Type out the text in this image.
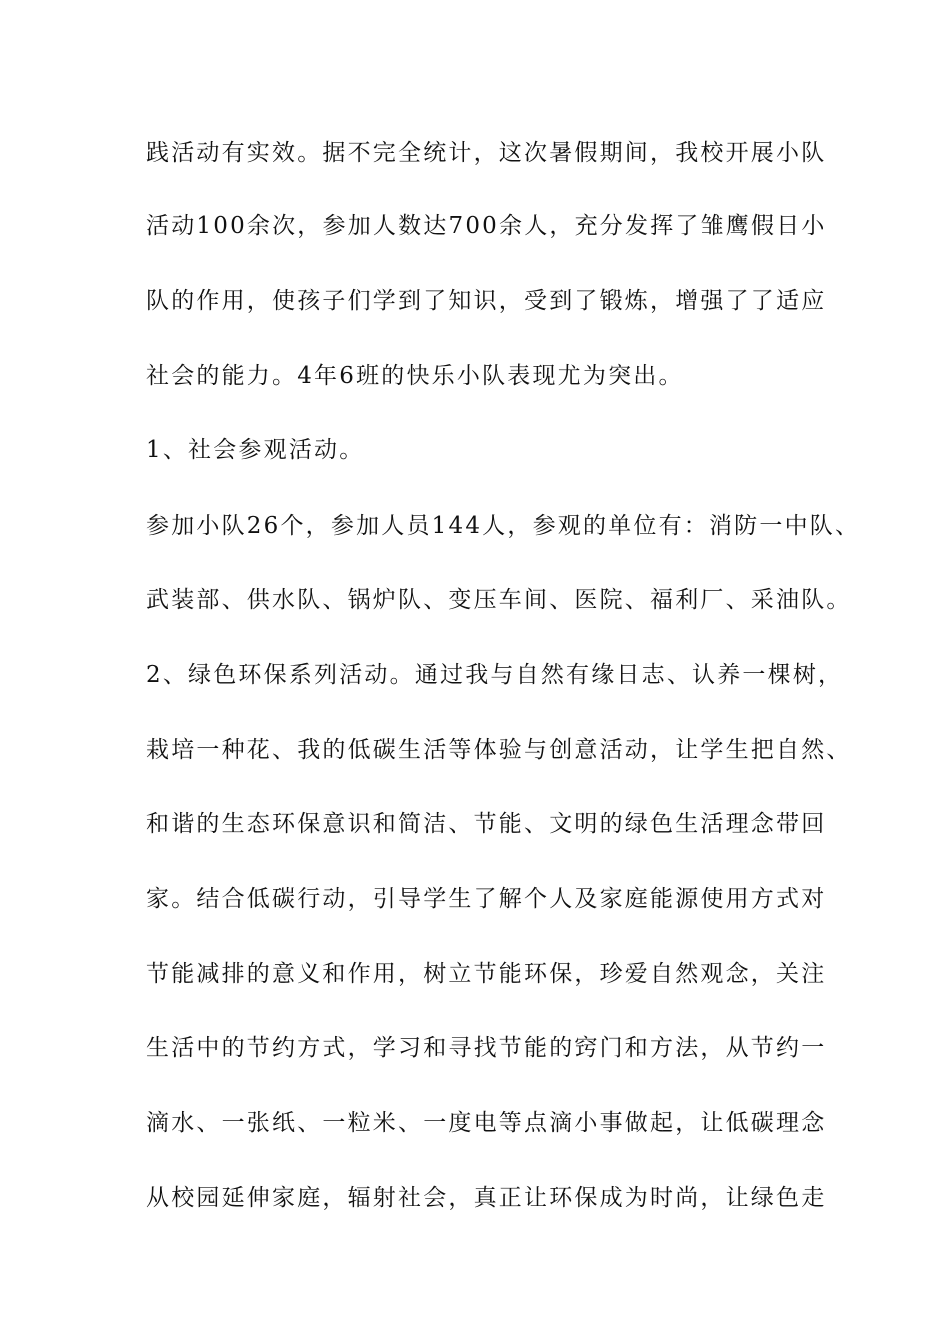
践活动有实效。据不完全统计，这次暑假期间，我校开展小队
活动100余次，参加人数达700余人，充分发挥了雏鹰假日小
队的作用，使孩子们学到了知识，受到了锻炼，增强了了适应
社会的能力。4年6班的快乐小队表现尤为突出。
1、社会参观活动。
参加小队26个，参加人员144人，参观的单位有：消防一中队、
武装部、供水队、锅炉队、变压车间、医院、福利厂、采油队。
2、绿色环保系列活动。通过我与自然有缘日志、认养一棵树，
栽培一种花、我的低碳生活等体验与创意活动，让学生把自然、
和谐的生态环保意识和简洁、节能、文明的绿色生活理念带回
家。结合低碳行动，引导学生了解个人及家庭能源使用方式对
节能减排的意义和作用，树立节能环保，珍爱自然观念，关注
生活中的节约方式，学习和寻找节能的窍门和方法，从节约一
滴水、一张纸、一粒米、一度电等点滴小事做起，让低碳理念
从校园延伸家庭，辐射社会，真正让环保成为时尚，让绿色走
